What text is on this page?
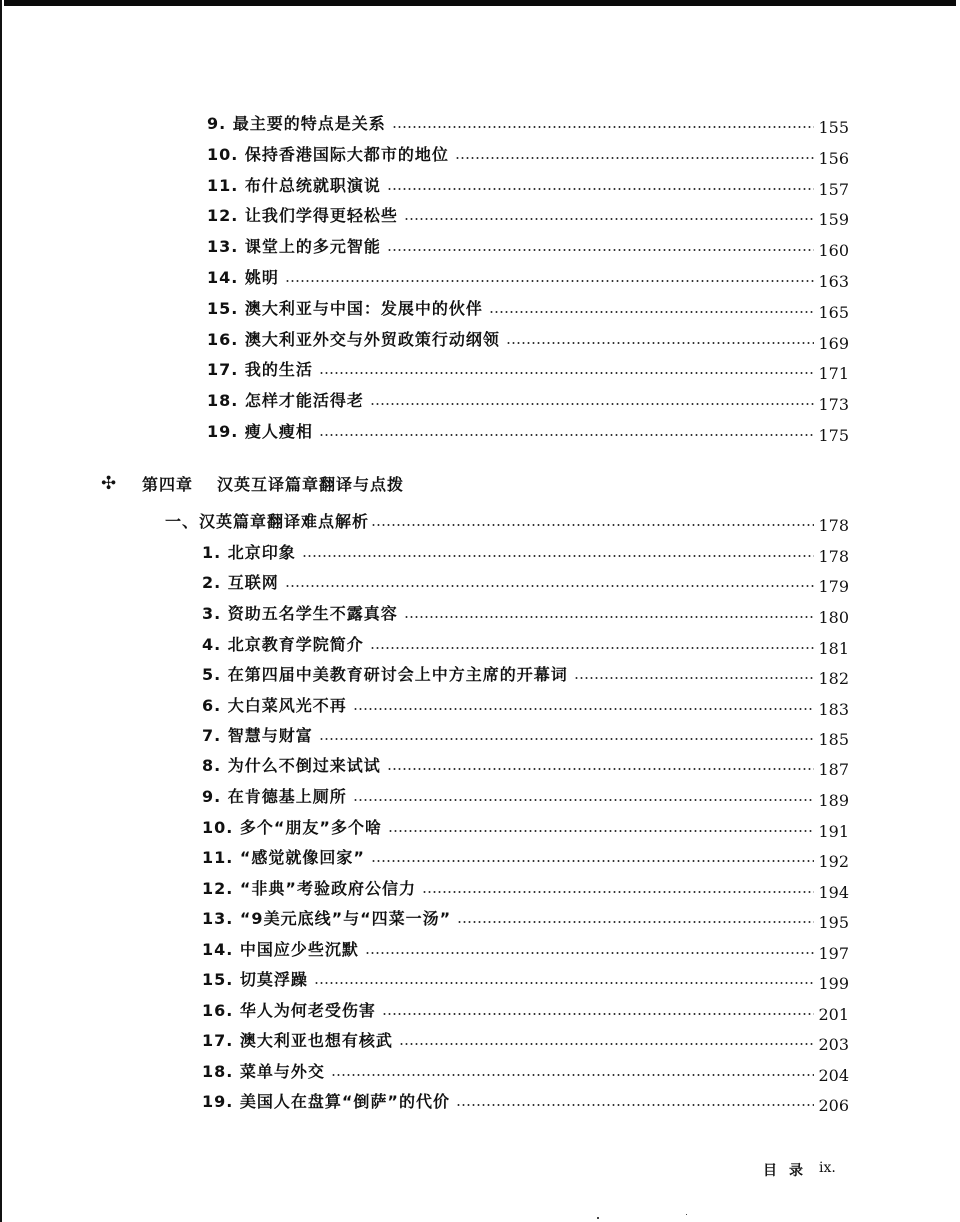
9. 最主要的特点是关系	155
10. 保持香港国际大都市的地位	156
11. 布什总统就职演说	157
12. 让我们学得更轻松些	159
13. 课堂上的多元智能	160
14. 姚明	163
15. 澳大利亚与中国：发展中的伙伴	165
16. 澳大利亚外交与外贸政策行动纲领	169
17. 我的生活	171
18. 怎样才能活得老	173
19. 瘦人瘦相	175
✣ 第四章 汉英互译篇章翻译与点拨
一、汉英篇章翻译难点解析	178
1. 北京印象	178
2. 互联网	179
3. 资助五名学生不露真容	180
4. 北京教育学院简介	181
5. 在第四届中美教育研讨会上中方主席的开幕词	182
6. 大白菜风光不再	183
7. 智慧与财富	185
8. 为什么不倒过来试试	187
9. 在肯德基上厕所	189
10. 多个“朋友”多个啥	191
11. “感觉就像回家”	192
12. “非典”考验政府公信力	194
13. “9美元底线”与“四菜一汤”	195
14. 中国应少些沉默	197
15. 切莫浮躁	199
16. 华人为何老受伤害	201
17. 澳大利亚也想有核武	203
18. 菜单与外交	204
19. 美国人在盘算“倒萨”的代价	206
目 录	ix.
